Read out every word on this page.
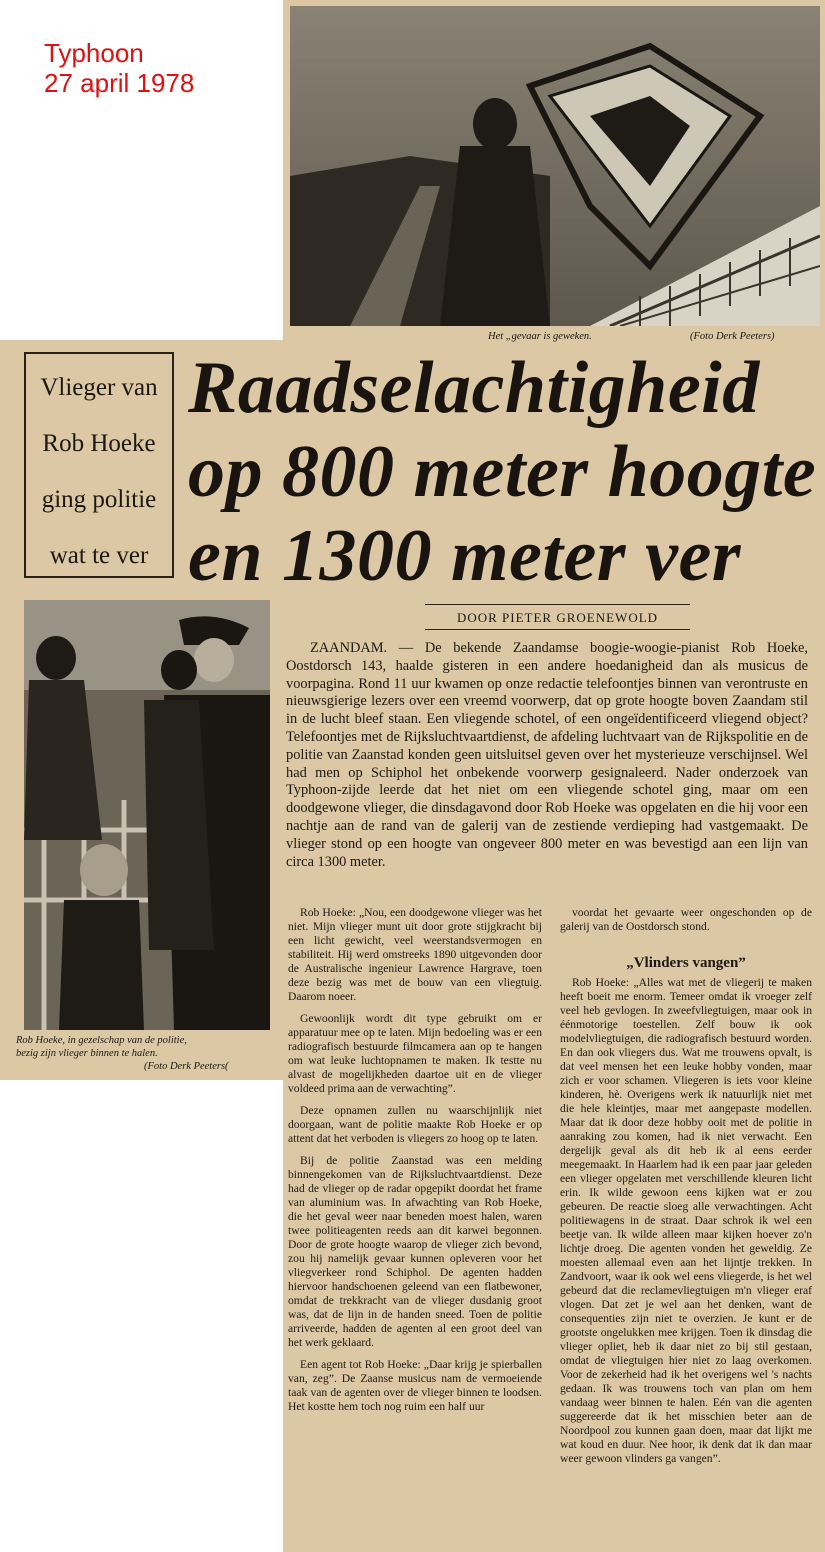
Typhoon
27 april 1978
Het „gevaar is geweken.	(Foto Derk Peeters)
Vlieger van
Rob Hoeke
ging politie
wat te ver
Raadselachtigheid
op 800 meter hoogte
en 1300 meter ver
DOOR PIETER GROENEWOLD
Rob Hoeke, in gezelschap van de politie,
bezig zijn vlieger binnen te halen.
(Foto Derk Peeters(

ZAANDAM. — De bekende Zaandamse boogie-woogie-pianist Rob Hoeke, Oostdorsch 143, haalde gisteren in een andere hoedanigheid dan als musicus de voorpagina. Rond 11 uur kwamen op onze redactie telefoontjes binnen van verontruste en nieuwsgierige lezers over een vreemd voorwerp, dat op grote hoogte boven Zaandam stil in de lucht bleef staan. Een vliegende schotel, of een ongeïdentificeerd vliegend object? Telefoontjes met de Rijksluchtvaartdienst, de afdeling luchtvaart van de Rijkspolitie en de politie van Zaanstad konden geen uitsluitsel geven over het mysterieuze verschijnsel. Wel had men op Schiphol het onbekende voorwerp gesignaleerd. Nader onderzoek van Typhoon-zijde leerde dat het niet om een vliegende schotel ging, maar om een doodgewone vlieger, die dinsdagavond door Rob Hoeke was opgelaten en die hij voor een nachtje aan de rand van de galerij van de zestiende verdieping had vastgemaakt. De vlieger stond op een hoogte van ongeveer 800 meter en was bevestigd aan een lijn van circa 1300 meter.

Rob Hoeke: „Nou, een doodgewone vlieger was het niet. Mijn vlieger munt uit door grote stijgkracht bij een licht gewicht, veel weerstandsvermogen en stabiliteit. Hij werd omstreeks 1890 uitgevonden door de Australische ingenieur Lawrence Hargrave, toen deze bezig was met de bouw van een vliegtuig. Daarom noeer.

Gewoonlijk wordt dit type gebruikt om er apparatuur mee op te laten. Mijn bedoeling was er een radiografisch bestuurde filmcamera aan op te hangen om wat leuke luchtopnamen te maken. Ik testte nu alvast de mogelijkheden daartoe uit en de vlieger voldeed prima aan de verwachting”.

Deze opnamen zullen nu waarschijnlijk niet doorgaan, want de politie maakte Rob Hoeke er op attent dat het verboden is vliegers zo hoog op te laten.

Bij de politie Zaanstad was een melding binnengekomen van de Rijksluchtvaartdienst. Deze had de vlieger op de radar opgepikt doordat het frame van aluminium was. In afwachting van Rob Hoeke, die het geval weer naar beneden moest halen, waren twee politieagenten reeds aan dit karwei begonnen. Door de grote hoogte waarop de vlieger zich bevond, zou hij namelijk gevaar kunnen opleveren voor het vliegverkeer rond Schiphol. De agenten hadden hiervoor handschoenen geleend van een flatbewoner, omdat de trekkracht van de vlieger dusdanig groot was, dat de lijn in de handen sneed. Toen de politie arriveerde, hadden de agenten al een groot deel van het werk geklaard.

Een agent tot Rob Hoeke: „Daar krijg je spierballen van, zeg”. De Zaanse musicus nam de vermoeiende taak van de agenten over de vlieger binnen te loodsen. Het kostte hem toch nog ruim een half uur

voordat het gevaarte weer ongeschonden op de galerij van de Oostdorsch stond.

„Vlinders vangen”

Rob Hoeke: „Alles wat met de vliegerij te maken heeft boeit me enorm. Temeer omdat ik vroeger zelf veel heb gevlogen. In zweefvliegtuigen, maar ook in éénmotorige toestellen. Zelf bouw ik ook modelvliegtuigen, die radiografisch bestuurd worden. En dan ook vliegers dus. Wat me trouwens opvalt, is dat veel mensen het een leuke hobby vonden, maar zich er voor schamen. Vliegeren is iets voor kleine kinderen, hè. Overigens werk ik natuurlijk niet met die hele kleintjes, maar met aangepaste modellen. Maar dat ik door deze hobby ooit met de politie in aanraking zou komen, had ik niet verwacht. Een dergelijk geval als dit heb ik al eens eerder meegemaakt. In Haarlem had ik een paar jaar geleden een vlieger opgelaten met verschillende kleuren licht erin. Ik wilde gewoon eens kijken wat er zou gebeuren. De reactie sloeg alle verwachtingen. Acht politiewagens in de straat. Daar schrok ik wel een beetje van. Ik wilde alleen maar kijken hoever zo'n lichtje droeg. Die agenten vonden het geweldig. Ze moesten allemaal even aan het lijntje trekken. In Zandvoort, waar ik ook wel eens vliegerde, is het wel gebeurd dat die reclamevliegtuigen m'n vlieger eraf vlogen. Dat zet je wel aan het denken, want de consequenties zijn niet te overzien. Je kunt er de grootste ongelukken mee krijgen. Toen ik dinsdag die vlieger opliet, heb ik daar niet zo bij stil gestaan, omdat de vliegtuigen hier niet zo laag overkomen. Voor de zekerheid had ik het overigens wel 's nachts gedaan. Ik was trouwens toch van plan om hem vandaag weer binnen te halen. Eén van die agenten suggereerde dat ik het misschien beter aan de Noordpool zou kunnen gaan doen, maar dat lijkt me wat koud en duur. Nee hoor, ik denk dat ik dan maar weer gewoon vlinders ga vangen”.
